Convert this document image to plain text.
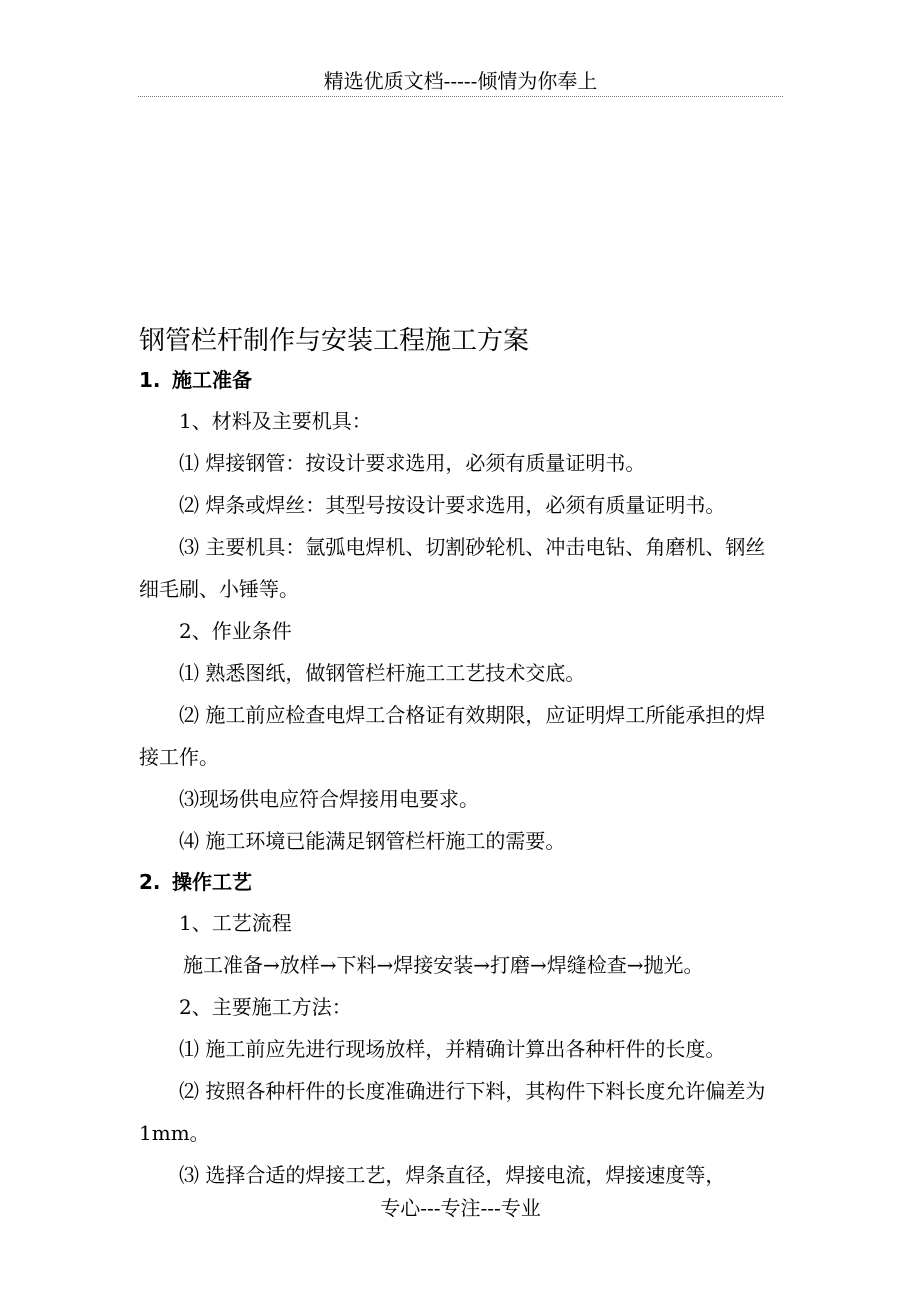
精选优质文档-----倾情为你奉上
钢管栏杆制作与安装工程施工方案
1. 施工准备

1、材料及主要机具：

⑴ 焊接钢管：按设计要求选用，必须有质量证明书。

⑵ 焊条或焊丝：其型号按设计要求选用，必须有质量证明书。

⑶ 主要机具：氩弧电焊机、切割砂轮机、冲击电钻、角磨机、钢丝细毛刷、小锤等。

2、作业条件

⑴ 熟悉图纸，做钢管栏杆施工工艺技术交底。

⑵ 施工前应检查电焊工合格证有效期限，应证明焊工所能承担的焊接工作。

⑶现场供电应符合焊接用电要求。

⑷ 施工环境已能满足钢管栏杆施工的需要。

2. 操作工艺

1、工艺流程

施工准备→放样→下料→焊接安装→打磨→焊缝检查→抛光。

2、主要施工方法：

⑴ 施工前应先进行现场放样，并精确计算出各种杆件的长度。

⑵ 按照各种杆件的长度准确进行下料，其构件下料长度允许偏差为1mm。

⑶ 选择合适的焊接工艺，焊条直径，焊接电流，焊接速度等，

专心---专注---专业
